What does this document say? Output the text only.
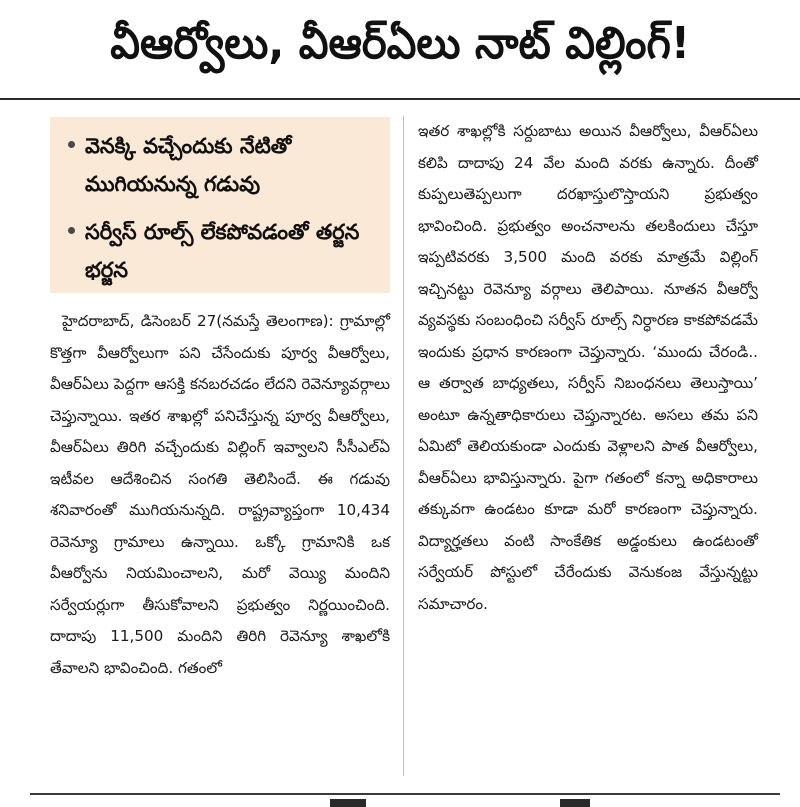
వీఆర్వోలు, వీఆర్‌ఏలు నాట్‌ విల్లింగ్‌!
వెనక్కి వచ్చేందుకు నేటితో ముగియనున్న గడువు
సర్వీస్‌ రూల్స్‌ లేకపోవడంతో తర్జన భర్జన

హైదరాబాద్‌, డిసెంబర్‌ 27(నమస్తే తెలంగాణ): గ్రామాల్లో కొత్తగా వీఆర్వోలుగా పని చేసేందుకు పూర్వ వీఆర్వోలు, వీఆర్‌ఏలు పెద్దగా ఆసక్తి కనబరచడం లేదని రెవెన్యూవర్గాలు చెప్తున్నాయి. ఇతర శాఖల్లో పనిచేస్తున్న పూర్వ వీఆర్వోలు, వీఆర్‌ఏలు తిరిగి వచ్చేందుకు విల్లింగ్‌ ఇవ్వాలని సీసీఎల్‌ఏ ఇటీవల ఆదేశించిన సంగతి తెలిసిందే. ఈ గడువు శనివారంతో ముగియనున్నది. రాష్ట్రవ్యాప్తంగా 10,434 రెవెన్యూ గ్రామాలు ఉన్నాయి. ఒక్కో గ్రామానికి ఒక వీఆర్వోను నియమించాలని, మరో వెయ్యి మందిని సర్వేయర్లుగా తీసుకోవాలని ప్రభుత్వం నిర్ణయించింది. దాదాపు 11,500 మందిని తిరిగి రెవెన్యూ శాఖలోకి తేవాలని భావించింది. గతంలో

ఇతర శాఖల్లోకి సర్దుబాటు అయిన వీఆర్వోలు, వీఆర్‌ఏలు కలిపి దాదాపు 24 వేల మంది వరకు ఉన్నారు. దీంతో కుప్పలుతెప్పలుగా దరఖాస్తులొస్తాయని ప్రభుత్వం భావించింది. ప్రభుత్వం అంచనాలను తలకిందులు చేస్తూ ఇప్పటివరకు 3,500 మంది వరకు మాత్రమే విల్లింగ్‌ ఇచ్చినట్టు రెవెన్యూ వర్గాలు తెలిపాయి. నూతన వీఆర్వో వ్యవస్థకు సంబంధించి సర్వీస్‌ రూల్స్‌ నిర్ధారణ కాకపోవడమే ఇందుకు ప్రధాన కారణంగా చెప్తున్నారు. ‘ముందు చేరండి.. ఆ తర్వాత బాధ్యతలు, సర్వీస్‌ నిబంధనలు తెలుస్తాయి’ అంటూ ఉన్నతాధికారులు చెప్తున్నారట. అసలు తమ పని ఏమిటో తెలియకుండా ఎందుకు వెళ్లాలని పాత వీఆర్వోలు, వీఆర్‌ఏలు భావిస్తున్నారు. పైగా గతంలో కన్నా అధికారాలు తక్కువగా ఉండటం కూడా మరో కారణంగా చెప్తున్నారు. విద్యార్హతలు వంటి సాంకేతిక అడ్డంకులు ఉండటంతో సర్వేయర్‌ పోస్టులో చేరేందుకు వెనుకంజ వేస్తున్నట్టు సమాచారం.
